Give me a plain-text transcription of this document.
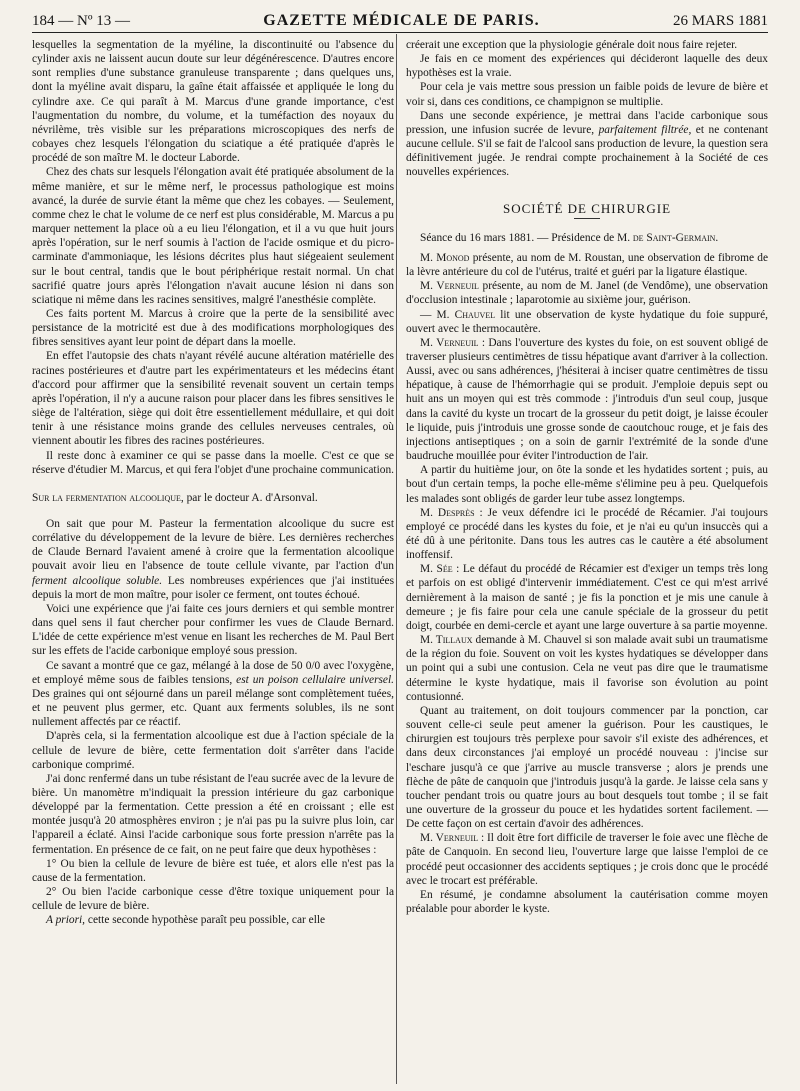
184 — Nº 13 —	GAZETTE MÉDICALE DE PARIS.	26 MARS 1881

lesquelles la segmentation de la myéline, la discontinuité ou l'absence du cylinder axis ne laissent aucun doute sur leur dégénérescence. D'autres encore sont remplies d'une substance granuleuse transparente ; dans quelques uns, dont la myéline avait disparu, la gaîne était affaissée et appliquée le long du cylindre axe. Ce qui paraît à M. Marcus d'une grande importance, c'est l'augmentation du nombre, du volume, et la tuméfaction des noyaux du névrilème, très visible sur les préparations microscopiques des nerfs de cobayes chez lesquels l'élongation du sciatique a été pratiquée d'après le procédé de son maître M. le docteur Laborde.

Chez des chats sur lesquels l'élongation avait été pratiquée absolument de la même manière, et sur le même nerf, le processus pathologique est moins avancé, la durée de survie étant la même que chez les cobayes. — Seulement, comme chez le chat le volume de ce nerf est plus considérable, M. Marcus a pu marquer nettement la place où a eu lieu l'élongation, et il a vu que huit jours après l'opération, sur le nerf soumis à l'action de l'acide osmique et du picro-carminate d'ammoniaque, les lésions décrites plus haut siégeaient seulement sur le bout central, tandis que le bout périphérique restait normal. Un chat sacrifié quatre jours après l'élongation n'avait aucune lésion ni dans son sciatique ni même dans les racines sensitives, malgré l'anesthésie complète.

Ces faits portent M. Marcus à croire que la perte de la sensibilité avec persistance de la motricité est due à des modifications morphologiques des fibres sensitives ayant leur point de départ dans la moelle.

En effet l'autopsie des chats n'ayant révélé aucune altération matérielle des racines postérieures et d'autre part les expérimentateurs et les médecins étant d'accord pour affirmer que la sensibilité revenait souvent un certain temps après l'opération, il n'y a aucune raison pour placer dans les fibres sensitives le siège de l'altération, siège qui doit être essentiellement médullaire, et qui doit tenir à une résistance moins grande des cellules nerveuses centrales, où viennent aboutir les fibres des racines postérieures.

Il reste donc à examiner ce qui se passe dans la moelle. C'est ce que se réserve d'étudier M. Marcus, et qui fera l'objet d'une prochaine communication.

Sur la fermentation alcoolique, par le docteur A. d'Arsonval.

On sait que pour M. Pasteur la fermentation alcoolique du sucre est corrélative du développement de la levure de bière. Les dernières recherches de Claude Bernard l'avaient amené à croire que la fermentation alcoolique pouvait avoir lieu en l'absence de toute cellule vivante, par l'action d'un ferment alcoolique soluble. Les nombreuses expériences que j'ai instituées depuis la mort de mon maître, pour isoler ce ferment, ont toutes échoué.

Voici une expérience que j'ai faite ces jours derniers et qui semble montrer dans quel sens il faut chercher pour confirmer les vues de Claude Bernard. L'idée de cette expérience m'est venue en lisant les recherches de M. Paul Bert sur les effets de l'acide carbonique employé sous pression.

Ce savant a montré que ce gaz, mélangé à la dose de 50 0/0 avec l'oxygène, et employé même sous de faibles tensions, est un poison cellulaire universel. Des graines qui ont séjourné dans un pareil mélange sont complètement tuées, et ne peuvent plus germer, etc. Quant aux ferments solubles, ils ne sont nullement affectés par ce réactif.

D'après cela, si la fermentation alcoolique est due à l'action spéciale de la cellule de levure de bière, cette fermentation doit s'arrêter dans l'acide carbonique comprimé.

J'ai donc renfermé dans un tube résistant de l'eau sucrée avec de la levure de bière. Un manomètre m'indiquait la pression intérieure du gaz carbonique développé par la fermentation. Cette pression a été en croissant ; elle est montée jusqu'à 20 atmosphères environ ; je n'ai pas pu la suivre plus loin, car l'appareil a éclaté. Ainsi l'acide carbonique sous forte pression n'arrête pas la fermentation. En présence de ce fait, on ne peut faire que deux hypothèses :

1° Ou bien la cellule de levure de bière est tuée, et alors elle n'est pas la cause de la fermentation.

2° Ou bien l'acide carbonique cesse d'être toxique uniquement pour la cellule de levure de bière.

A priori, cette seconde hypothèse paraît peu possible, car elle

créerait une exception que la physiologie générale doit nous faire rejeter.

Je fais en ce moment des expériences qui décideront laquelle des deux hypothèses est la vraie.

Pour cela je vais mettre sous pression un faible poids de levure de bière et voir si, dans ces conditions, ce champignon se multiplie.

Dans une seconde expérience, je mettrai dans l'acide carbonique sous pression, une infusion sucrée de levure, parfaitement filtrée, et ne contenant aucune cellule. S'il se fait de l'alcool sans production de levure, la question sera définitivement jugée. Je rendrai compte prochainement à la Société de ces nouvelles expériences.

SOCIÉTÉ DE CHIRURGIE

Séance du 16 mars 1881. — Présidence de M. de Saint-Germain.

M. Monod présente, au nom de M. Roustan, une observation de fibrome de la lèvre antérieure du col de l'utérus, traité et guéri par la ligature élastique.

M. Verneuil présente, au nom de M. Janel (de Vendôme), une observation d'occlusion intestinale ; laparotomie au sixième jour, guérison.

— M. Chauvel lit une observation de kyste hydatique du foie suppuré, ouvert avec le thermocautère.

M. Verneuil : Dans l'ouverture des kystes du foie, on est souvent obligé de traverser plusieurs centimètres de tissu hépatique avant d'arriver à la collection. Aussi, avec ou sans adhérences, j'hésiterai à inciser quatre centimètres de tissu hépatique, à cause de l'hémorrhagie qui se produit. J'emploie depuis sept ou huit ans un moyen qui est très commode : j'introduis d'un seul coup, jusque dans la cavité du kyste un trocart de la grosseur du petit doigt, je laisse écouler le liquide, puis j'introduis une grosse sonde de caoutchouc rouge, et je fais des injections antiseptiques ; on a soin de garnir l'extrémité de la sonde d'une baudruche mouillée pour éviter l'introduction de l'air.

A partir du huitième jour, on ôte la sonde et les hydatides sortent ; puis, au bout d'un certain temps, la poche elle-même s'élimine peu à peu. Quelquefois les malades sont obligés de garder leur tube assez longtemps.

M. Desprès : Je veux défendre ici le procédé de Récamier. J'ai toujours employé ce procédé dans les kystes du foie, et je n'ai eu qu'un insuccès qui a été dû à une péritonite. Dans tous les autres cas le cautère a été absolument inoffensif.

M. Sée : Le défaut du procédé de Récamier est d'exiger un temps très long et parfois on est obligé d'intervenir immédiatement. C'est ce qui m'est arrivé dernièrement à la maison de santé ; je fis la ponction et je mis une canule à demeure ; je fis faire pour cela une canule spéciale de la grosseur du petit doigt, courbée en demi-cercle et ayant une large ouverture à sa partie moyenne.

M. Tillaux demande à M. Chauvel si son malade avait subi un traumatisme de la région du foie. Souvent on voit les kystes hydatiques se développer dans un point qui a subi une contusion. Cela ne veut pas dire que le traumatisme détermine le kyste hydatique, mais il favorise son évolution au point contusionné.

Quant au traitement, on doit toujours commencer par la ponction, car souvent celle-ci seule peut amener la guérison. Pour les caustiques, le chirurgien est toujours très perplexe pour savoir s'il existe des adhérences, et dans deux circonstances j'ai employé un procédé nouveau : j'incise sur l'eschare jusqu'à ce que j'arrive au muscle transverse ; alors je prends une flèche de pâte de canquoin que j'introduis jusqu'à la garde. Je laisse cela sans y toucher pendant trois ou quatre jours au bout desquels tout tombe ; il se fait une ouverture de la grosseur du pouce et les hydatides sortent facilement. — De cette façon on est certain d'avoir des adhérences.

M. Verneuil : Il doit être fort difficile de traverser le foie avec une flèche de pâte de Canquoin. En second lieu, l'ouverture large que laisse l'emploi de ce procédé peut occasionner des accidents septiques ; je crois donc que le procédé avec le trocart est préférable.

En résumé, je condamne absolument la cautérisation comme moyen préalable pour aborder le kyste.
